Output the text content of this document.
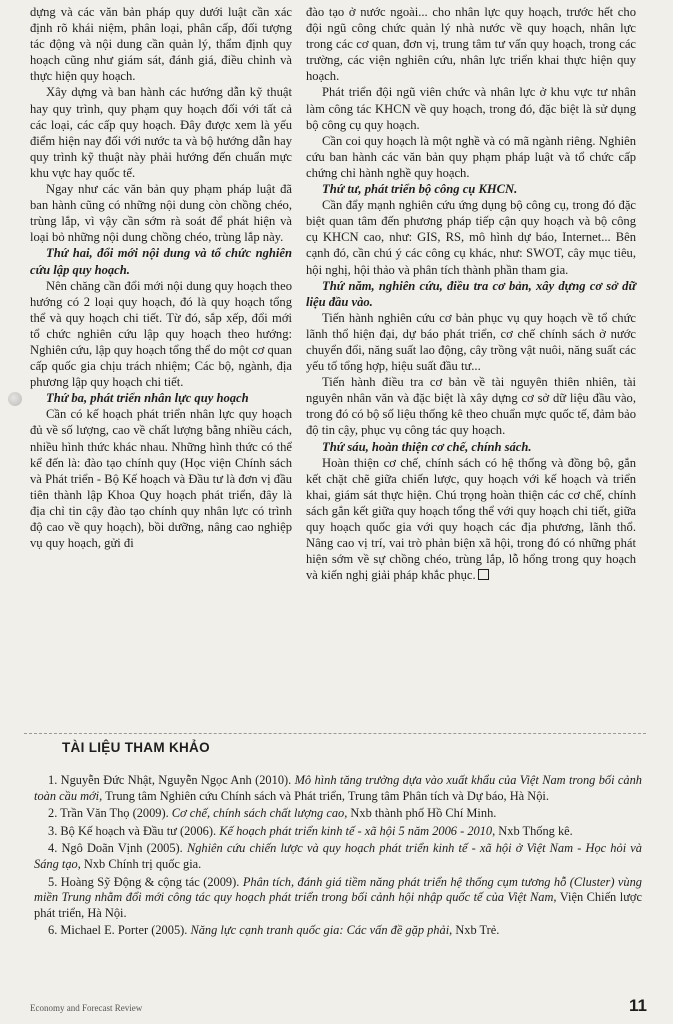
dựng và các văn bản pháp quy dưới luật cần xác định rõ khái niệm, phân loại, phân cấp, đối tượng tác động và nội dung cần quản lý, thẩm định quy hoạch cũng như giám sát, đánh giá, điều chỉnh và thực hiện quy hoạch.

Xây dựng và ban hành các hướng dẫn kỹ thuật hay quy trình, quy phạm quy hoạch đối với tất cả các loại, các cấp quy hoạch. Đây được xem là yếu điểm hiện nay đối với nước ta và bộ hướng dẫn hay quy trình kỹ thuật này phải hướng đến chuẩn mực khu vực hay quốc tế.

Ngay như các văn bản quy phạm pháp luật đã ban hành cũng có những nội dung còn chồng chéo, trùng lắp, vì vậy cần sớm rà soát để phát hiện và loại bỏ những nội dung chồng chéo, trùng lắp này.

Thứ hai, đổi mới nội dung và tổ chức nghiên cứu lập quy hoạch.

Nên chăng cần đổi mới nội dung quy hoạch theo hướng có 2 loại quy hoạch, đó là quy hoạch tổng thể và quy hoạch chi tiết. Từ đó, sắp xếp, đổi mới tổ chức nghiên cứu lập quy hoạch theo hướng: Nghiên cứu, lập quy hoạch tổng thể do một cơ quan cấp quốc gia chịu trách nhiệm; Các bộ, ngành, địa phương lập quy hoạch chi tiết.

Thứ ba, phát triển nhân lực quy hoạch

Cần có kế hoạch phát triển nhân lực quy hoạch đủ về số lượng, cao về chất lượng bằng nhiều cách, nhiều hình thức khác nhau. Những hình thức có thể kể đến là: đào tạo chính quy (Học viện Chính sách và Phát triển - Bộ Kế hoạch và Đầu tư là đơn vị đầu tiên thành lập Khoa Quy hoạch phát triển, đây là địa chỉ tin cậy đào tạo chính quy nhân lực có trình độ cao về quy hoạch), bồi dưỡng, nâng cao nghiệp vụ quy hoạch, gửi đi

đào tạo ở nước ngoài... cho nhân lực quy hoạch, trước hết cho đội ngũ công chức quản lý nhà nước về quy hoạch, nhân lực trong các cơ quan, đơn vị, trung tâm tư vấn quy hoạch, trong các trường, các viện nghiên cứu, nhân lực triển khai thực hiện quy hoạch.

Phát triển đội ngũ viên chức và nhân lực ở khu vực tư nhân làm công tác KHCN về quy hoạch, trong đó, đặc biệt là sử dụng bộ công cụ quy hoạch.

Cần coi quy hoạch là một nghề và có mã ngành riêng. Nghiên cứu ban hành các văn bản quy phạm pháp luật và tổ chức cấp chứng chỉ hành nghề quy hoạch.

Thứ tư, phát triển bộ công cụ KHCN.

Cần đẩy mạnh nghiên cứu ứng dụng bộ công cụ, trong đó đặc biệt quan tâm đến phương pháp tiếp cận quy hoạch và bộ công cụ KHCN cao, như: GIS, RS, mô hình dự báo, Internet... Bên cạnh đó, cần chú ý các công cụ khác, như: SWOT, cây mục tiêu, hội nghị, hội thảo và phân tích thành phần tham gia.

Thứ năm, nghiên cứu, điều tra cơ bản, xây dựng cơ sở dữ liệu đầu vào.

Tiến hành nghiên cứu cơ bản phục vụ quy hoạch về tổ chức lãnh thổ hiện đại, dự báo phát triển, cơ chế chính sách ở nước chuyển đổi, năng suất lao động, cây trồng vật nuôi, năng suất các yếu tố tổng hợp, hiệu suất đầu tư...

Tiến hành điều tra cơ bản về tài nguyên thiên nhiên, tài nguyên nhân văn và đặc biệt là xây dựng cơ sở dữ liệu đầu vào, trong đó có bộ số liệu thống kê theo chuẩn mực quốc tế, đảm bảo độ tin cậy, phục vụ công tác quy hoạch.

Thứ sáu, hoàn thiện cơ chế, chính sách.

Hoàn thiện cơ chế, chính sách có hệ thống và đồng bộ, gắn kết chặt chẽ giữa chiến lược, quy hoạch với kế hoạch và triển khai, giám sát thực hiện. Chú trọng hoàn thiện các cơ chế, chính sách gắn kết giữa quy hoạch tổng thể với quy hoạch chi tiết, giữa quy hoạch quốc gia với quy hoạch các địa phương, lãnh thổ. Nâng cao vị trí, vai trò phản biện xã hội, trong đó có những phát hiện sớm về sự chồng chéo, trùng lắp, lỗ hổng trong quy hoạch và kiến nghị giải pháp khắc phục.

TÀI LIỆU THAM KHẢO

1. Nguyễn Đức Nhật, Nguyễn Ngọc Anh (2010). Mô hình tăng trưởng dựa vào xuất khẩu của Việt Nam trong bối cảnh toàn cầu mới, Trung tâm Nghiên cứu Chính sách và Phát triển, Trung tâm Phân tích và Dự báo, Hà Nội.

2. Trần Văn Thọ (2009). Cơ chế, chính sách chất lượng cao, Nxb thành phố Hồ Chí Minh.

3. Bộ Kế hoạch và Đầu tư (2006). Kế hoạch phát triển kinh tế - xã hội 5 năm 2006 - 2010, Nxb Thống kê.

4. Ngô Doãn Vịnh (2005). Nghiên cứu chiến lược và quy hoạch phát triển kinh tế - xã hội ở Việt Nam - Học hỏi và Sáng tạo, Nxb Chính trị quốc gia.

5. Hoàng Sỹ Động & cộng tác (2009). Phân tích, đánh giá tiềm năng phát triển hệ thống cụm tương hỗ (Cluster) vùng miền Trung nhằm đổi mới công tác quy hoạch phát triển trong bối cảnh hội nhập quốc tế của Việt Nam, Viện Chiến lược phát triển, Hà Nội.

6. Michael E. Porter (2005). Năng lực cạnh tranh quốc gia: Các vấn đề gặp phải, Nxb Trẻ.

Economy and Forecast Review	11
